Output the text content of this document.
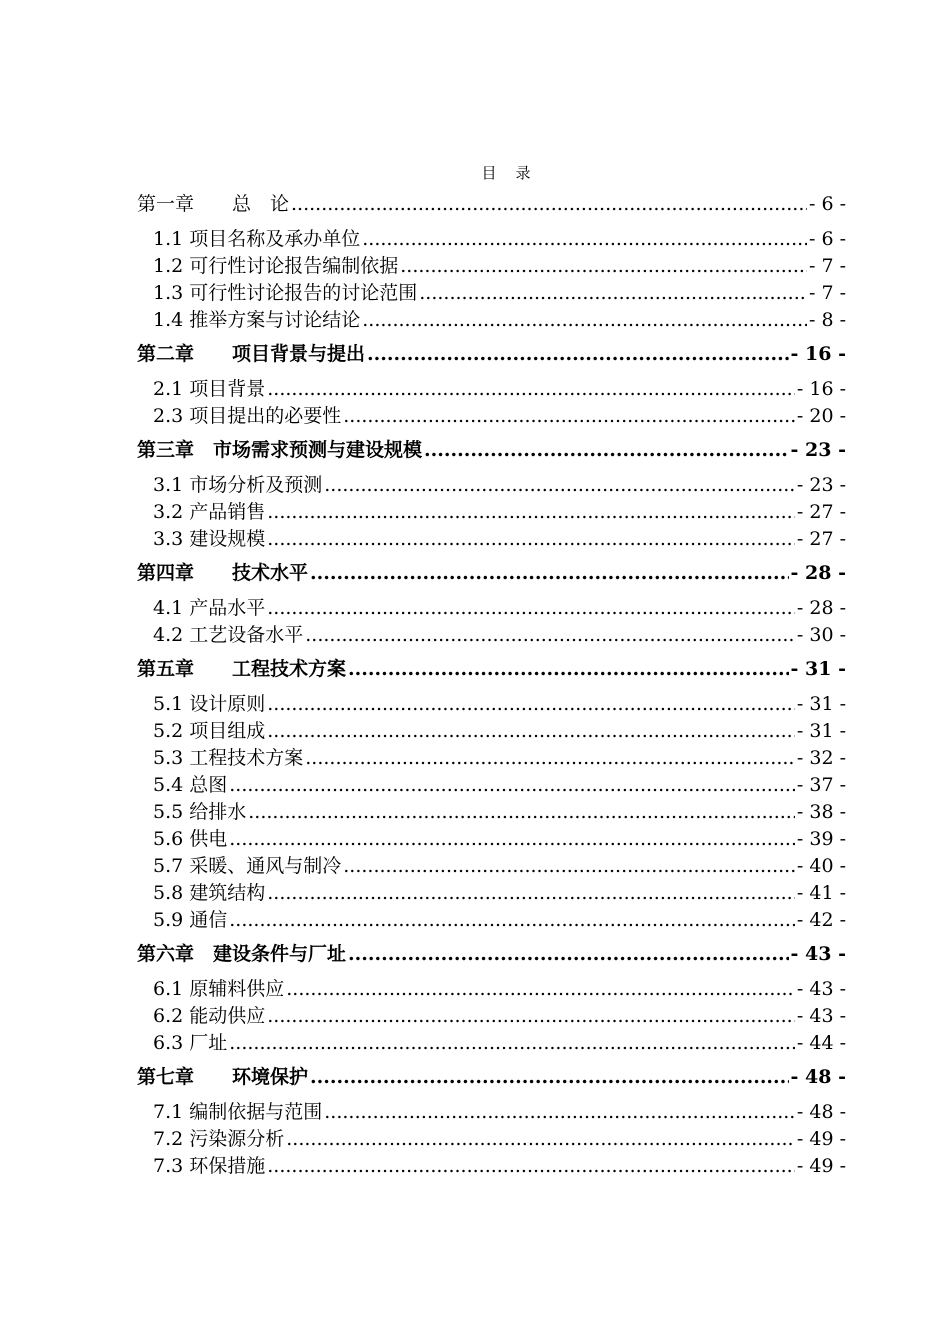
目　录
第一章　　总　论 .....	- 6 -
1.1 项目名称及承办单位 .....	- 6 -
1.2 可行性讨论报告编制依据 .....	- 7 -
1.3 可行性讨论报告的讨论范围 .....	- 7 -
1.4 推举方案与讨论结论 .....	- 8 -
第二章　　项目背景与提出 .....	- 16 -
2.1 项目背景 .....	- 16 -
2.3 项目提出的必要性 .....	- 20 -
第三章　市场需求预测与建设规模 .....	- 23 -
3.1 市场分析及预测 .....	- 23 -
3.2 产品销售 .....	- 27 -
3.3 建设规模 .....	- 27 -
第四章　　技术水平 .....	- 28 -
4.1 产品水平 .....	- 28 -
4.2 工艺设备水平 .....	- 30 -
第五章　　工程技术方案 .....	- 31 -
5.1 设计原则 .....	- 31 -
5.2 项目组成 .....	- 31 -
5.3 工程技术方案 .....	- 32 -
5.4 总图 .....	- 37 -
5.5 给排水 .....	- 38 -
5.6 供电 .....	- 39 -
5.7 采暖、通风与制冷 .....	- 40 -
5.8 建筑结构 .....	- 41 -
5.9 通信 .....	- 42 -
第六章　建设条件与厂址 .....	- 43 -
6.1 原辅料供应 .....	- 43 -
6.2 能动供应 .....	- 43 -
6.3 厂址 .....	- 44 -
第七章　　环境保护 .....	- 48 -
7.1 编制依据与范围 .....	- 48 -
7.2 污染源分析 .....	- 49 -
7.3 环保措施 .....	- 49 -
